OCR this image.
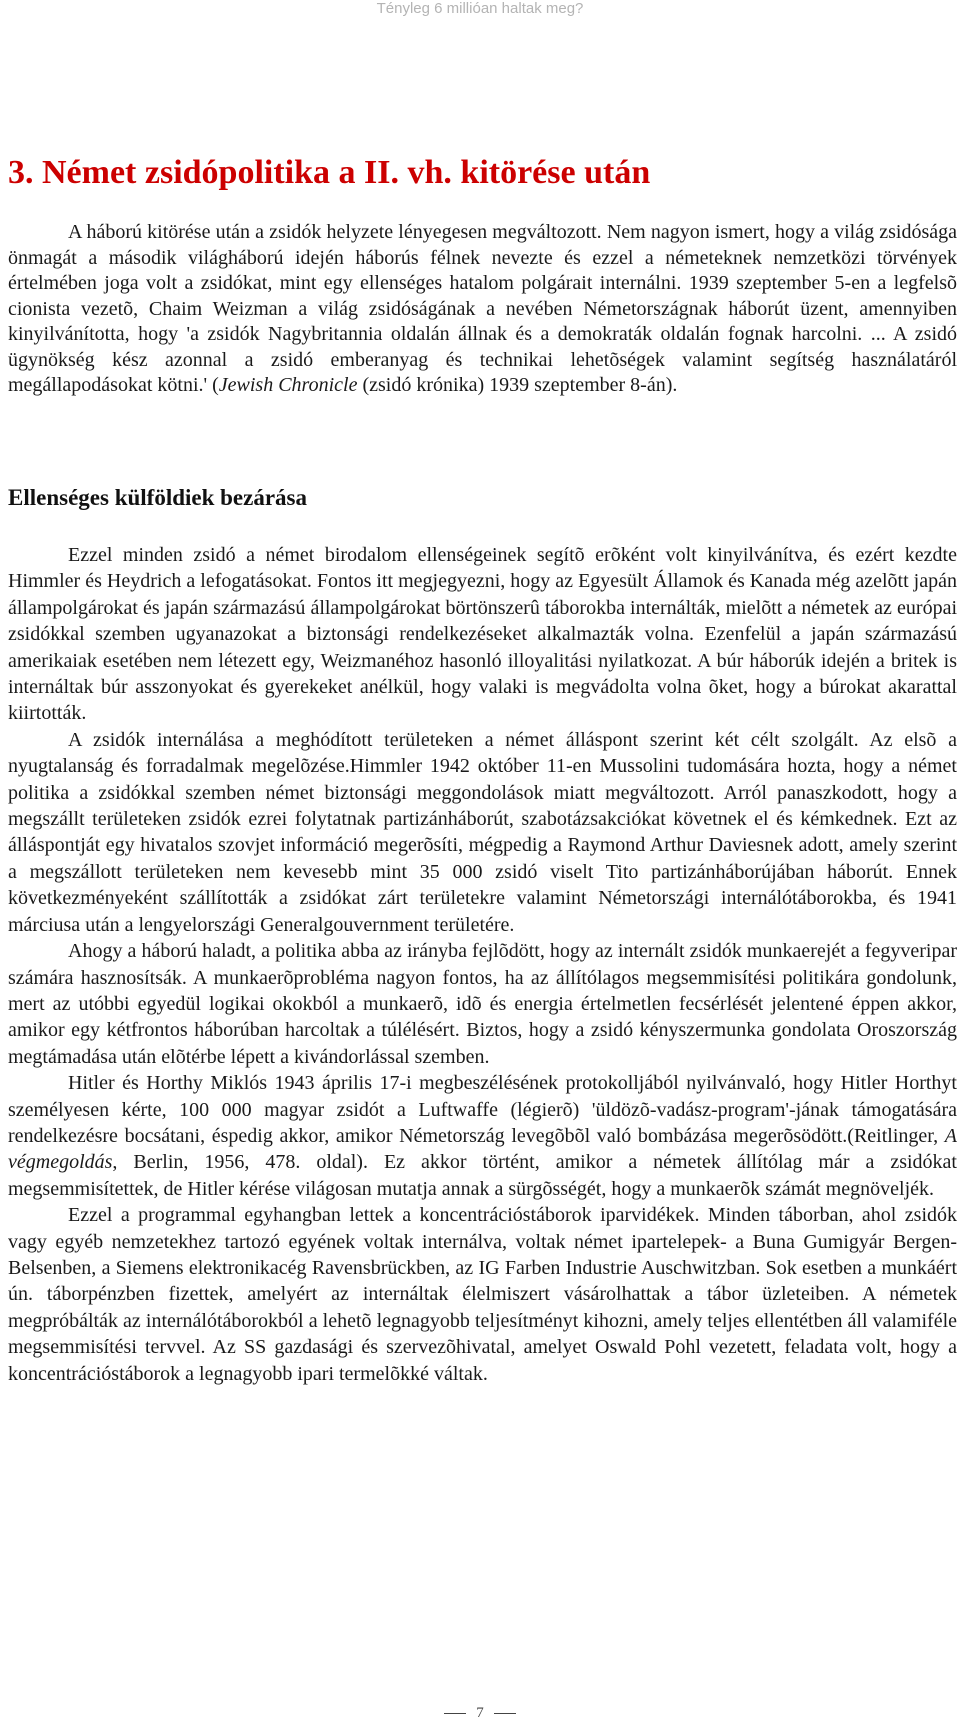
Tényleg 6 millióan haltak meg?
3. Német zsidópolitika a II. vh. kitörése után

A háború kitörése után a zsidók helyzete lényegesen megváltozott. Nem nagyon ismert, hogy a világ zsidósága önmagát a második világháború idején háborús félnek nevezte és ezzel a németeknek nemzetközi törvények értelmében joga volt a zsidókat, mint egy ellenséges hatalom polgárait internálni. 1939 szeptember 5-en a legfelsõ cionista vezetõ, Chaim Weizman a világ zsidóságának a nevében Németországnak háborút üzent, amennyiben kinyilvánította, hogy 'a zsidók Nagybritannia oldalán állnak és a demokraták oldalán fognak harcolni. ... A zsidó ügynökség kész azonnal a zsidó emberanyag és technikai lehetõségek valamint segítség használatáról megállapodásokat kötni.' (Jewish Chronicle (zsidó krónika) 1939 szeptember 8-án).

Ellenséges külföldiek bezárása

Ezzel minden zsidó a német birodalom ellenségeinek segítõ erõként volt kinyilvánítva, és ezért kezdte Himmler és Heydrich a lefogatásokat. Fontos itt megjegyezni, hogy az Egyesült Államok és Kanada még azelõtt japán állampolgárokat és japán származású állampolgárokat börtönszerû táborokba internálták, mielõtt a németek az európai zsidókkal szemben ugyanazokat a biztonsági rendelkezéseket alkalmazták volna. Ezenfelül a japán származású amerikaiak esetében nem létezett egy, Weizmanéhoz hasonló illoyalitási nyilatkozat. A búr háborúk idején a britek is internáltak búr asszonyokat és gyerekeket anélkül, hogy valaki is megvádolta volna õket, hogy a búrokat akarattal kiirtották.

A zsidók internálása a meghódított területeken a német álláspont szerint két célt szolgált. Az elsõ a nyugtalanság és forradalmak megelõzése.Himmler 1942 október 11-en Mussolini tudomására hozta, hogy a német politika a zsidókkal szemben német biztonsági meggondolások miatt megváltozott. Arról panaszkodott, hogy a megszállt területeken zsidók ezrei folytatnak partizánháborút, szabotázsakciókat követnek el és kémkednek. Ezt az álláspontját egy hivatalos szovjet információ megerõsíti, mégpedig a Raymond Arthur Daviesnek adott, amely szerint a megszállott területeken nem kevesebb mint 35 000 zsidó viselt Tito partizánháborújában háborút. Ennek következményeként szállították a zsidókat zárt területekre valamint Németországi internálótáborokba, és 1941 márciusa után a lengyelországi Generalgouvernment területére.

Ahogy a háború haladt, a politika abba az irányba fejlõdött, hogy az internált zsidók munkaerejét a fegyveripar számára hasznosítsák. A munkaerõprobléma nagyon fontos, ha az állítólagos megsemmisítési politikára gondolunk, mert az utóbbi egyedül logikai okokból a munkaerõ, idõ és energia értelmetlen fecsérlését jelentené éppen akkor, amikor egy kétfrontos háborúban harcoltak a túlélésért. Biztos, hogy a zsidó kényszermunka gondolata Oroszország megtámadása után elõtérbe lépett a kivándorlással szemben.

Hitler és Horthy Miklós 1943 április 17-i megbeszélésének protokolljából nyilvánvaló, hogy Hitler Horthyt személyesen kérte, 100 000 magyar zsidót a Luftwaffe (légierõ) 'üldözõ-vadász-program'-jának támogatására rendelkezésre bocsátani, éspedig akkor, amikor Németország levegõbõl való bombázása megerõsödött.(Reitlinger, A végmegoldás, Berlin, 1956, 478. oldal). Ez akkor történt, amikor a németek állítólag már a zsidókat megsemmisítettek, de Hitler kérése világosan mutatja annak a sürgõsségét, hogy a munkaerõk számát megnöveljék.

Ezzel a programmal egyhangban lettek a koncentrációstáborok iparvidékek. Minden táborban, ahol zsidók vagy egyéb nemzetekhez tartozó egyének voltak internálva, voltak német ipartelepek- a Buna Gumigyár Bergen-Belsenben, a Siemens elektronikacég Ravensbrückben, az IG Farben Industrie Auschwitzban. Sok esetben a munkáért ún. táborpénzben fizettek, amelyért az internáltak élelmiszert vásárolhattak a tábor üzleteiben. A németek megpróbálták az internálótáborokból a lehetõ legnagyobb teljesítményt kihozni, amely teljes ellentétben áll valamiféle megsemmisítési tervvel. Az SS gazdasági és szervezõhivatal, amelyet Oswald Pohl vezetett, feladata volt, hogy a koncentrációstáborok a legnagyobb ipari termelõkké váltak.

7
